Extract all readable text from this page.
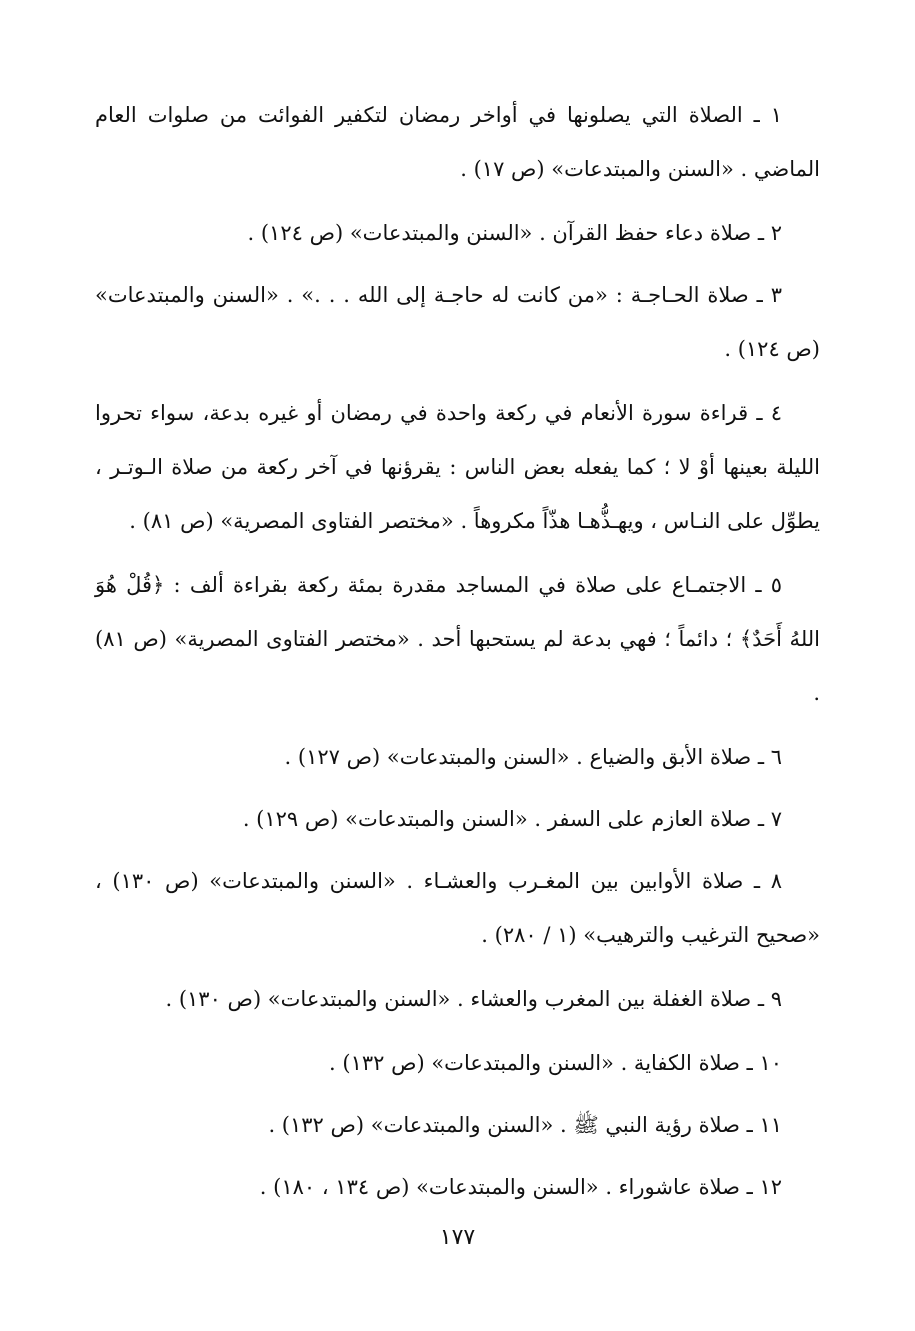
١ ـ الصلاة التي يصلونها في أواخر رمضان لتكفير الفوائت من صلوات العام الماضي . «السنن والمبتدعات» (ص ١٧) .

٢ ـ صلاة دعاء حفظ القرآن . «السنن والمبتدعات» (ص ١٢٤) .

٣ ـ صلاة الحـاجـة : «من كانت له حاجـة إلى الله . . .» . «السنن والمبتدعات» (ص ١٢٤) .

٤ ـ قراءة سورة الأنعام في ركعة واحدة في رمضان أو غيره بدعة، سواء تحروا الليلة بعينها أوْ لا ؛ كما يفعله بعض الناس : يقرؤنها في آخر ركعة من صلاة الـوتـر ، يطوِّل على النـاس ، ويهـذُّهـا هذّاً مكروهاً . «مختصر الفتاوى المصرية» (ص ٨١) .

٥ ـ الاجتمـاع على صلاة في المساجد مقدرة بمئة ركعة بقراءة ألف : ﴿قُلْ هُوَ اللهُ أَحَدٌ﴾ ؛ دائماً ؛ فهي بدعة لم يستحبها أحد . «مختصر الفتاوى المصرية» (ص ٨١) .

٦ ـ صلاة الأبق والضياع . «السنن والمبتدعات» (ص ١٢٧) .

٧ ـ صلاة العازم على السفر . «السنن والمبتدعات» (ص ١٢٩) .

٨ ـ صلاة الأوابين بين المغـرب والعشـاء . «السنن والمبتدعات» (ص ١٣٠) ، «صحيح الترغيب والترهيب» (١ / ٢٨٠) .

٩ ـ صلاة الغفلة بين المغرب والعشاء . «السنن والمبتدعات» (ص ١٣٠) .

١٠ ـ صلاة الكفاية . «السنن والمبتدعات» (ص ١٣٢) .

١١ ـ صلاة رؤية النبي ﷺ . «السنن والمبتدعات» (ص ١٣٢) .

١٢ ـ صلاة عاشوراء . «السنن والمبتدعات» (ص ١٣٤ ، ١٨٠) .

١٧٧
